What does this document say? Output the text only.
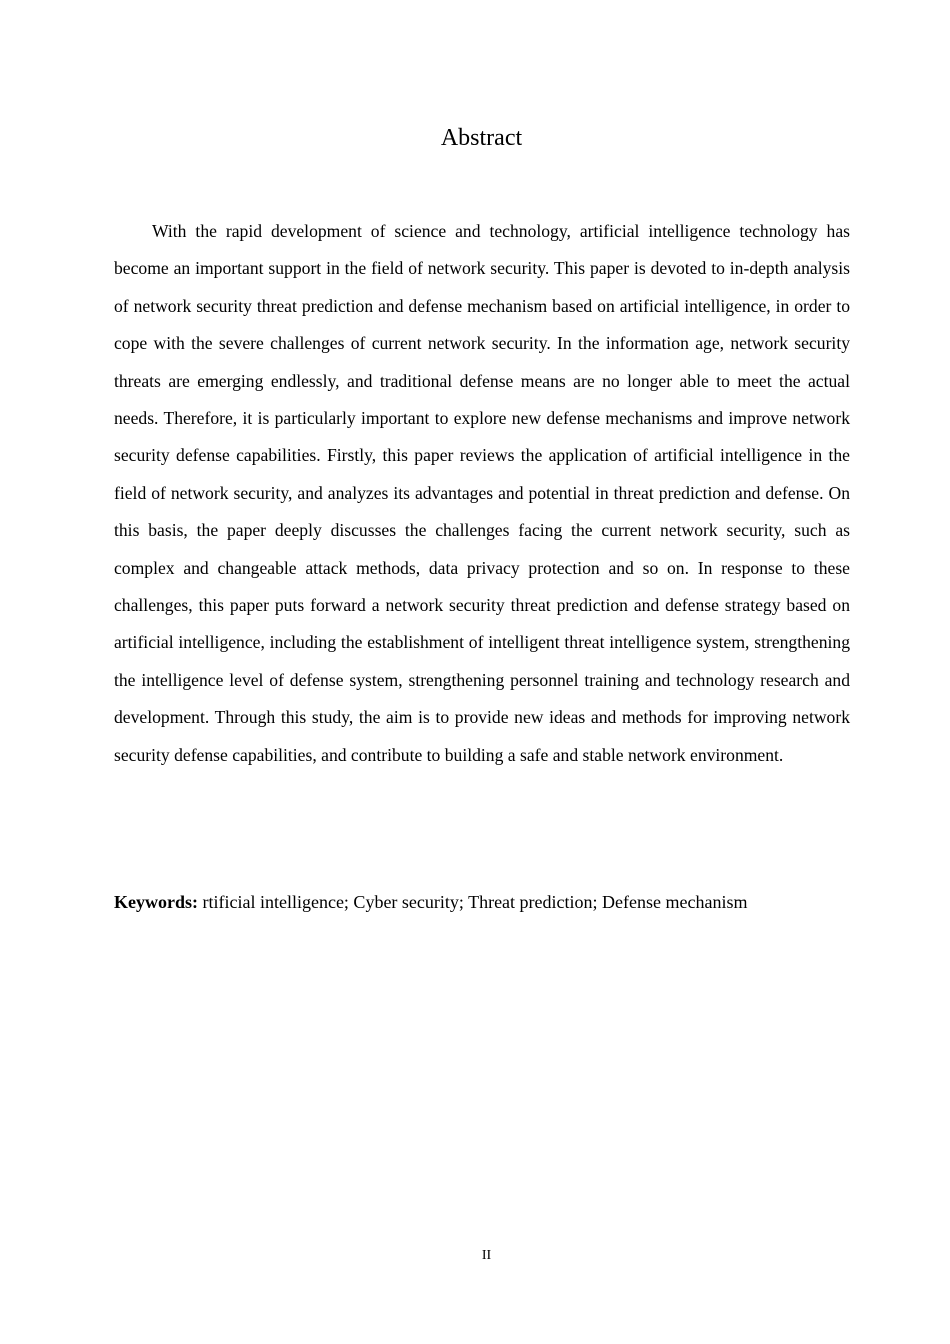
Abstract

With the rapid development of science and technology, artificial intelligence technology has become an important support in the field of network security. This paper is devoted to in-depth analysis of network security threat prediction and defense mechanism based on artificial intelligence, in order to cope with the severe challenges of current network security. In the information age, network security threats are emerging endlessly, and traditional defense means are no longer able to meet the actual needs. Therefore, it is particularly important to explore new defense mechanisms and improve network security defense capabilities. Firstly, this paper reviews the application of artificial intelligence in the field of network security, and analyzes its advantages and potential in threat prediction and defense. On this basis, the paper deeply discusses the challenges facing the current network security, such as complex and changeable attack methods, data privacy protection and so on. In response to these challenges, this paper puts forward a network security threat prediction and defense strategy based on artificial intelligence, including the establishment of intelligent threat intelligence system, strengthening the intelligence level of defense system, strengthening personnel training and technology research and development. Through this study, the aim is to provide new ideas and methods for improving network security defense capabilities, and contribute to building a safe and stable network environment.

Keywords: rtificial intelligence; Cyber security; Threat prediction; Defense mechanism

II
